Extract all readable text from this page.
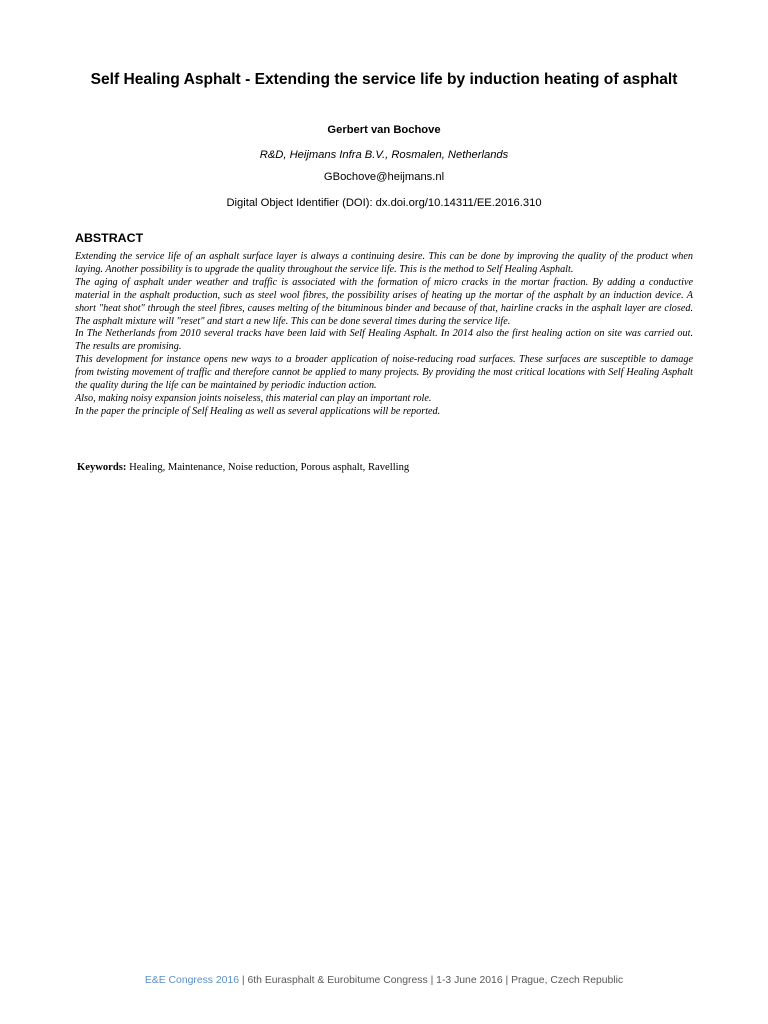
Self Healing Asphalt - Extending the service life by induction heating of asphalt
Gerbert van Bochove
R&D, Heijmans Infra B.V., Rosmalen, Netherlands
GBochove@heijmans.nl
Digital Object Identifier (DOI): dx.doi.org/10.14311/EE.2016.310
ABSTRACT

Extending the service life of an asphalt surface layer is always a continuing desire. This can be done by improving the quality of the product when laying. Another possibility is to upgrade the quality throughout the service life. This is the method to Self Healing Asphalt.

The aging of asphalt under weather and traffic is associated with the formation of micro cracks in the mortar fraction. By adding a conductive material in the asphalt production, such as steel wool fibres, the possibility arises of heating up the mortar of the asphalt by an induction device. A short "heat shot" through the steel fibres, causes melting of the bituminous binder and because of that, hairline cracks in the asphalt layer are closed. The asphalt mixture will "reset" and start a new life. This can be done several times during the service life.

In The Netherlands from 2010 several tracks have been laid with Self Healing Asphalt. In 2014 also the first healing action on site was carried out. The results are promising.

This development for instance opens new ways to a broader application of noise-reducing road surfaces. These surfaces are susceptible to damage from twisting movement of traffic and therefore cannot be applied to many projects. By providing the most critical locations with Self Healing Asphalt the quality during the life can be maintained by periodic induction action.

Also, making noisy expansion joints noiseless, this material can play an important role.

In the paper the principle of Self Healing as well as several applications will be reported.

Keywords: Healing, Maintenance, Noise reduction, Porous asphalt, Ravelling
E&E Congress 2016 | 6th Eurasphalt & Eurobitume Congress | 1-3 June 2016 | Prague, Czech Republic
